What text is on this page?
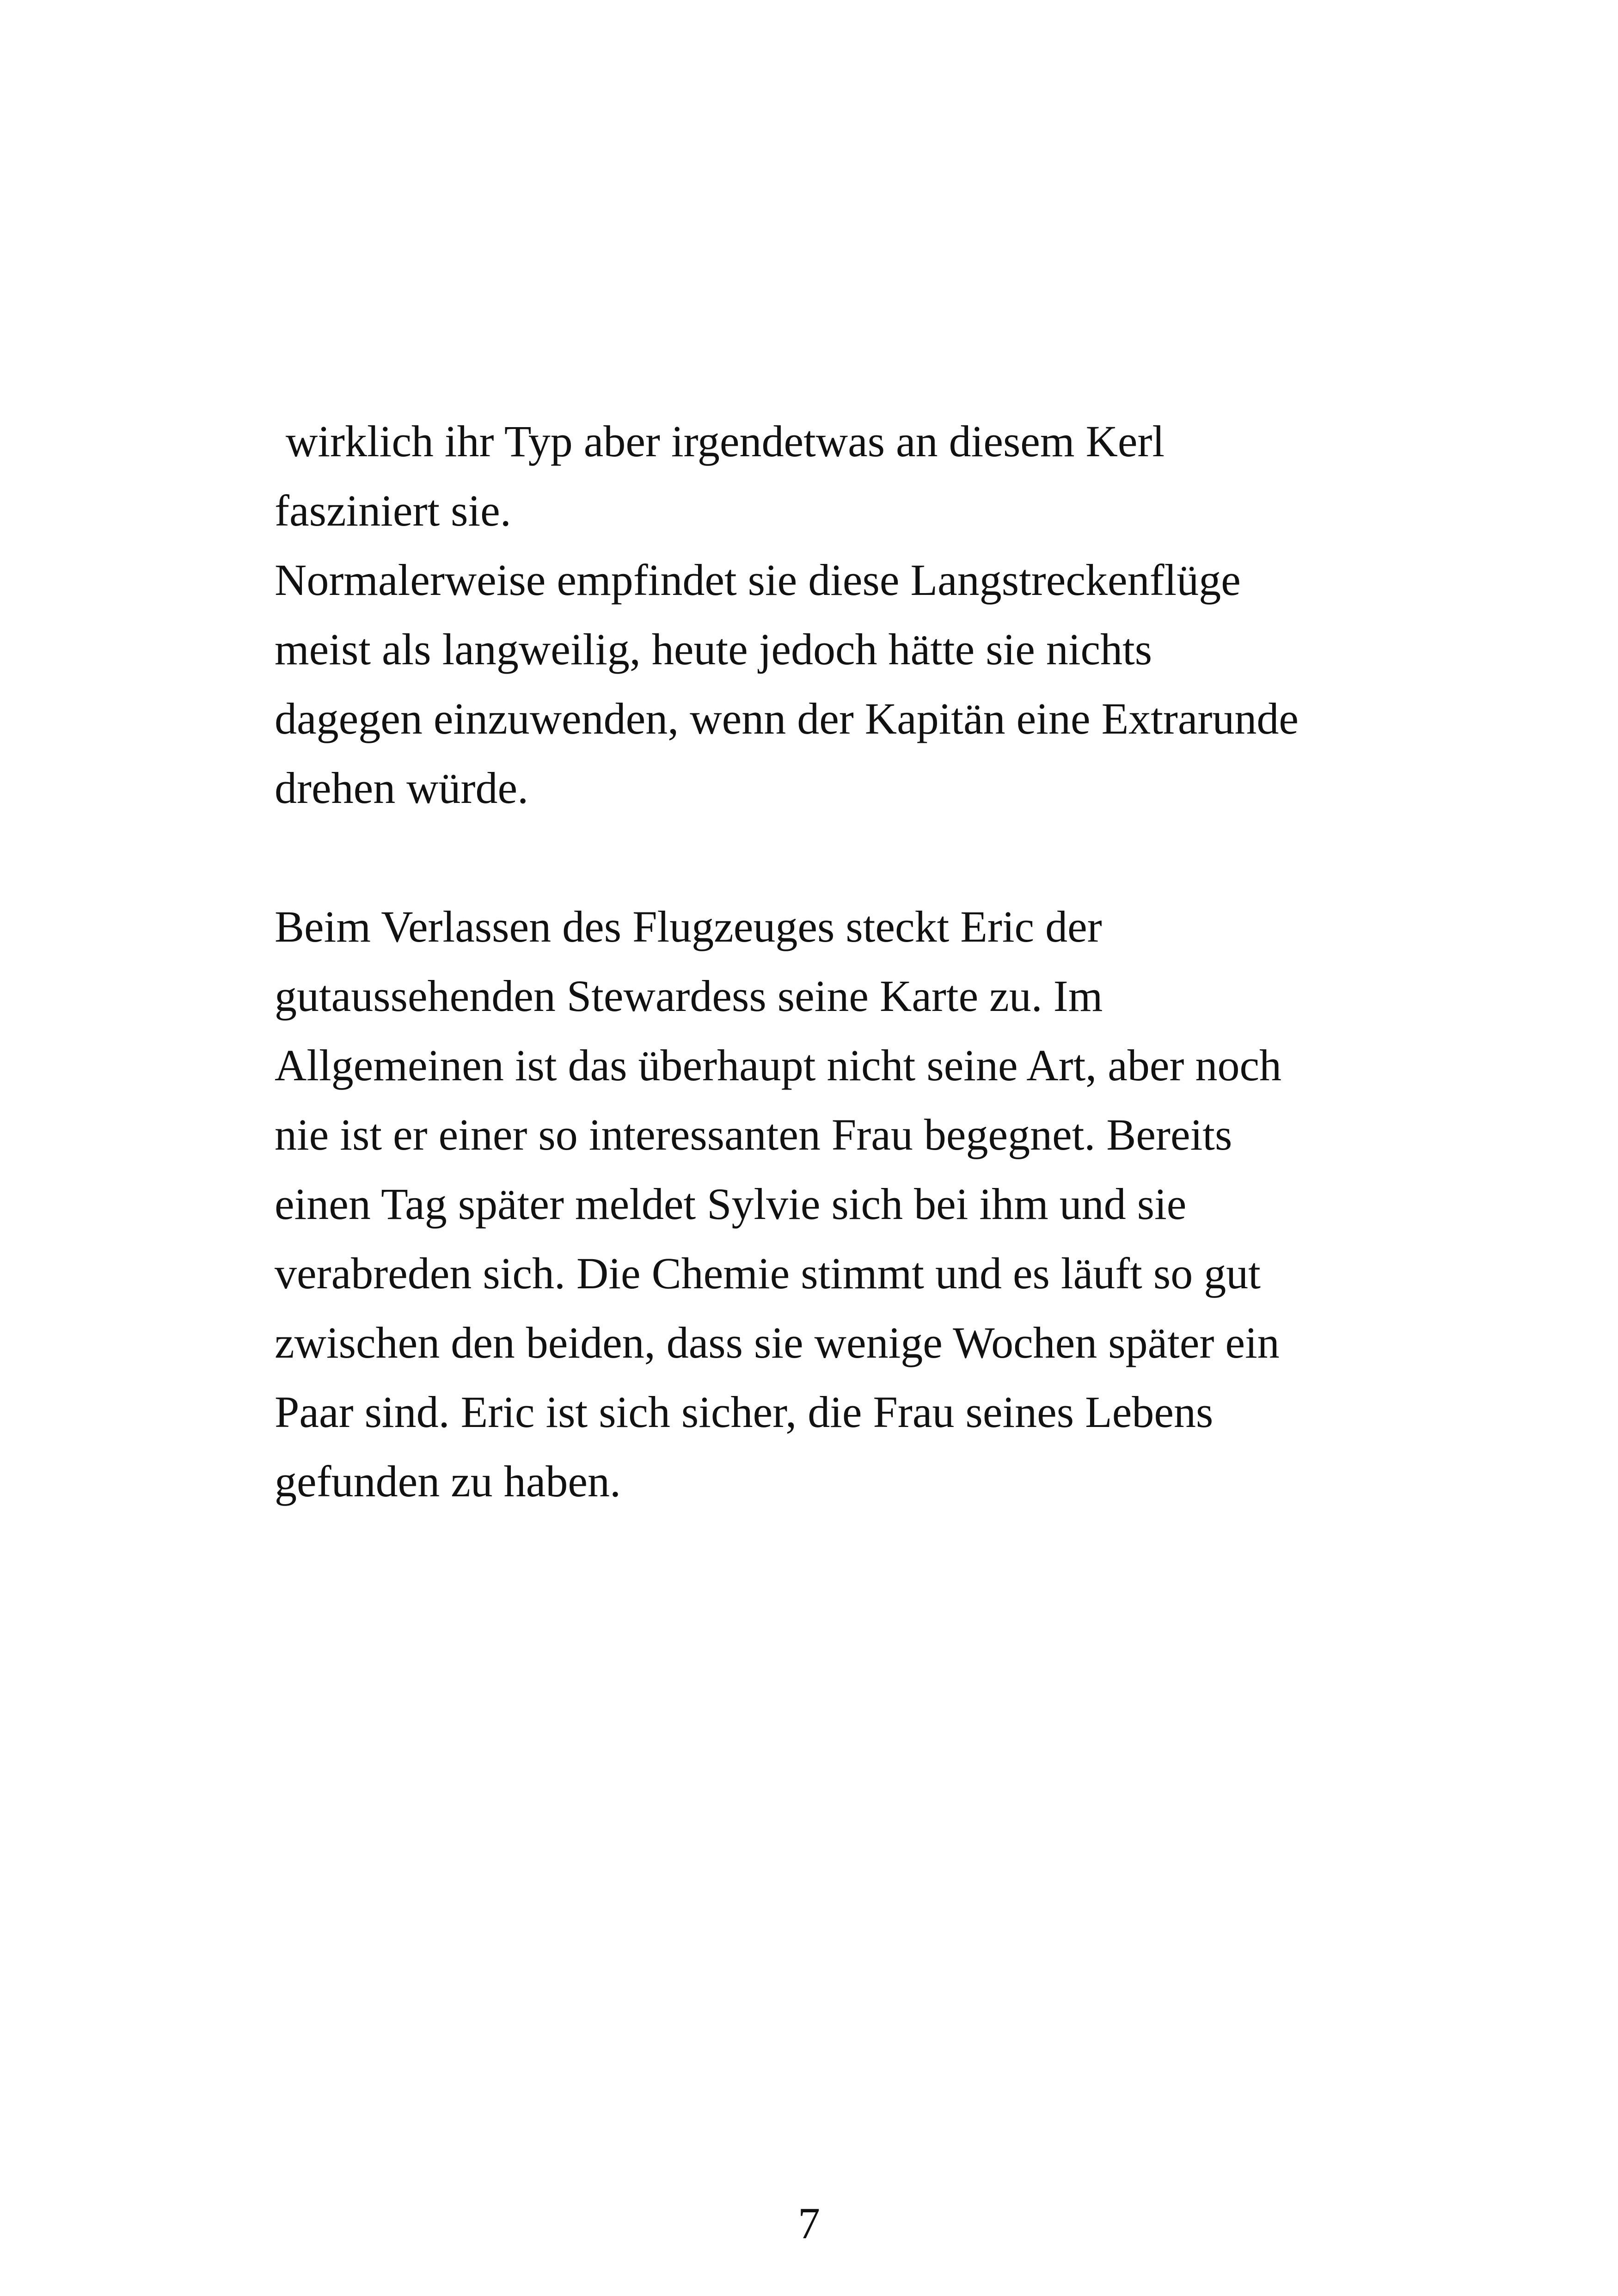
wirklich ihr Typ aber irgendetwas an diesem Kerl
fasziniert sie.
Normalerweise empfindet sie diese Langstreckenflüge
meist als langweilig, heute jedoch hätte sie nichts
dagegen einzuwenden, wenn der Kapitän eine Extrarunde
drehen würde.
Beim Verlassen des Flugzeuges steckt Eric der
gutaussehenden Stewardess seine Karte zu. Im
Allgemeinen ist das überhaupt nicht seine Art, aber noch
nie ist er einer so interessanten Frau begegnet. Bereits
einen Tag später meldet Sylvie sich bei ihm und sie
verabreden sich. Die Chemie stimmt und es läuft so gut
zwischen den beiden, dass sie wenige Wochen später ein
Paar sind. Eric ist sich sicher, die Frau seines Lebens
gefunden zu haben.
7
